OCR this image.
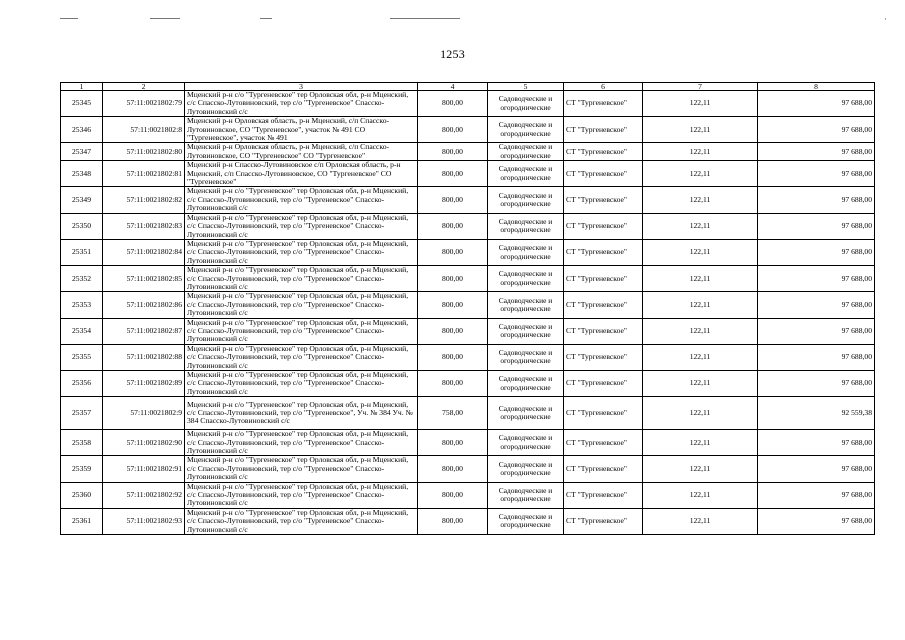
·
1253
1	2	3	4	5	6	7	8
25345	57:11:0021802:79	Мценский р-н с/о "Тургеневское" тер Орловская обл, р-н Мценский, с/с Спасско-Лутовиновский, тер с/о "Тургеневское" Спасско-Лутовиновский с/с	800,00	Садоводческие и огороднические	СТ "Тургеневское"	122,11	97 688,00
25346	57:11:0021802:8	Мценский р-н Орловская область, р-н Мценский, с/п Спасско-Лутовиновское, СО "Тургеневское", участок № 491 СО "Тургеневское", участок № 491	800,00	Садоводческие и огороднические	СТ "Тургеневское"	122,11	97 688,00
25347	57:11:0021802:80	Мценский р-н Орловская область, р-н Мценский, с/п Спасско-Лутовиновское, СО "Тургеневское" СО "Тургеневское"	800,00	Садоводческие и огороднические	СТ "Тургеневское"	122,11	97 688,00
25348	57:11:0021802:81	Мценский р-н Спасско-Лутовиновское с/п Орловская область, р-н Мценский, с/п Спасско-Лутовиновское, СО "Тургеневское" СО "Тургеневское"	800,00	Садоводческие и огороднические	СТ "Тургеневское"	122,11	97 688,00
25349	57:11:0021802:82	Мценский р-н с/о "Тургеневское" тер Орловская обл, р-н Мценский, с/с Спасско-Лутовиновский, тер с/о "Тургеневское" Спасско-Лутовиновский с/с	800,00	Садоводческие и огороднические	СТ "Тургеневское"	122,11	97 688,00
25350	57:11:0021802:83	Мценский р-н с/о "Тургеневское" тер Орловская обл, р-н Мценский, с/с Спасско-Лутовиновский, тер с/о "Тургеневское" Спасско-Лутовиновский с/с	800,00	Садоводческие и огороднические	СТ "Тургеневское"	122,11	97 688,00
25351	57:11:0021802:84	Мценский р-н с/о "Тургеневское" тер Орловская обл, р-н Мценский, с/с Спасско-Лутовиновский, тер с/о "Тургеневское" Спасско-Лутовиновский с/с	800,00	Садоводческие и огороднические	СТ "Тургеневское"	122,11	97 688,00
25352	57:11:0021802:85	Мценский р-н с/о "Тургеневское" тер Орловская обл, р-н Мценский, с/с Спасско-Лутовиновский, тер с/о "Тургеневское" Спасско-Лутовиновский с/с	800,00	Садоводческие и огороднические	СТ "Тургеневское"	122,11	97 688,00
25353	57:11:0021802:86	Мценский р-н с/о "Тургеневское" тер Орловская обл, р-н Мценский, с/с Спасско-Лутовиновский, тер с/о "Тургеневское" Спасско-Лутовиновский с/с	800,00	Садоводческие и огороднические	СТ "Тургеневское"	122,11	97 688,00
25354	57:11:0021802:87	Мценский р-н с/о "Тургеневское" тер Орловская обл, р-н Мценский, с/с Спасско-Лутовиновский, тер с/о "Тургеневское" Спасско-Лутовиновский с/с	800,00	Садоводческие и огороднические	СТ "Тургеневское"	122,11	97 688,00
25355	57:11:0021802:88	Мценский р-н с/о "Тургеневское" тер Орловская обл, р-н Мценский, с/с Спасско-Лутовиновский, тер с/о "Тургеневское" Спасско-Лутовиновский с/с	800,00	Садоводческие и огороднические	СТ "Тургеневское"	122,11	97 688,00
25356	57:11:0021802:89	Мценский р-н с/о "Тургеневское" тер Орловская обл, р-н Мценский, с/с Спасско-Лутовиновский, тер с/о "Тургеневское" Спасско-Лутовиновский с/с	800,00	Садоводческие и огороднические	СТ "Тургеневское"	122,11	97 688,00
25357	57:11:0021802:9	Мценский р-н с/о "Тургеневское" тер Орловская обл, р-н Мценский, с/с Спасско-Лутовиновский, тер с/о "Тургеневское", Уч. № 384 Уч. № 384 Спасско-Лутовиновский с/с	758,00	Садоводческие и огороднические	СТ "Тургеневское"	122,11	92 559,38
25358	57:11:0021802:90	Мценский р-н с/о "Тургеневское" тер Орловская обл, р-н Мценский, с/с Спасско-Лутовиновский, тер с/о "Тургеневское" Спасско-Лутовиновский с/с	800,00	Садоводческие и огороднические	СТ "Тургеневское"	122,11	97 688,00
25359	57:11:0021802:91	Мценский р-н с/о "Тургеневское" тер Орловская обл, р-н Мценский, с/с Спасско-Лутовиновский, тер с/о "Тургеневское" Спасско-Лутовиновский с/с	800,00	Садоводческие и огороднические	СТ "Тургеневское"	122,11	97 688,00
25360	57:11:0021802:92	Мценский р-н с/о "Тургеневское" тер Орловская обл, р-н Мценский, с/с Спасско-Лутовиновский, тер с/о "Тургеневское" Спасско-Лутовиновский с/с	800,00	Садоводческие и огороднические	СТ "Тургеневское"	122,11	97 688,00
25361	57:11:0021802:93	Мценский р-н с/о "Тургеневское" тер Орловская обл, р-н Мценский, с/с Спасско-Лутовиновский, тер с/о "Тургеневское" Спасско-Лутовиновский с/с	800,00	Садоводческие и огороднические	СТ "Тургеневское"	122,11	97 688,00
